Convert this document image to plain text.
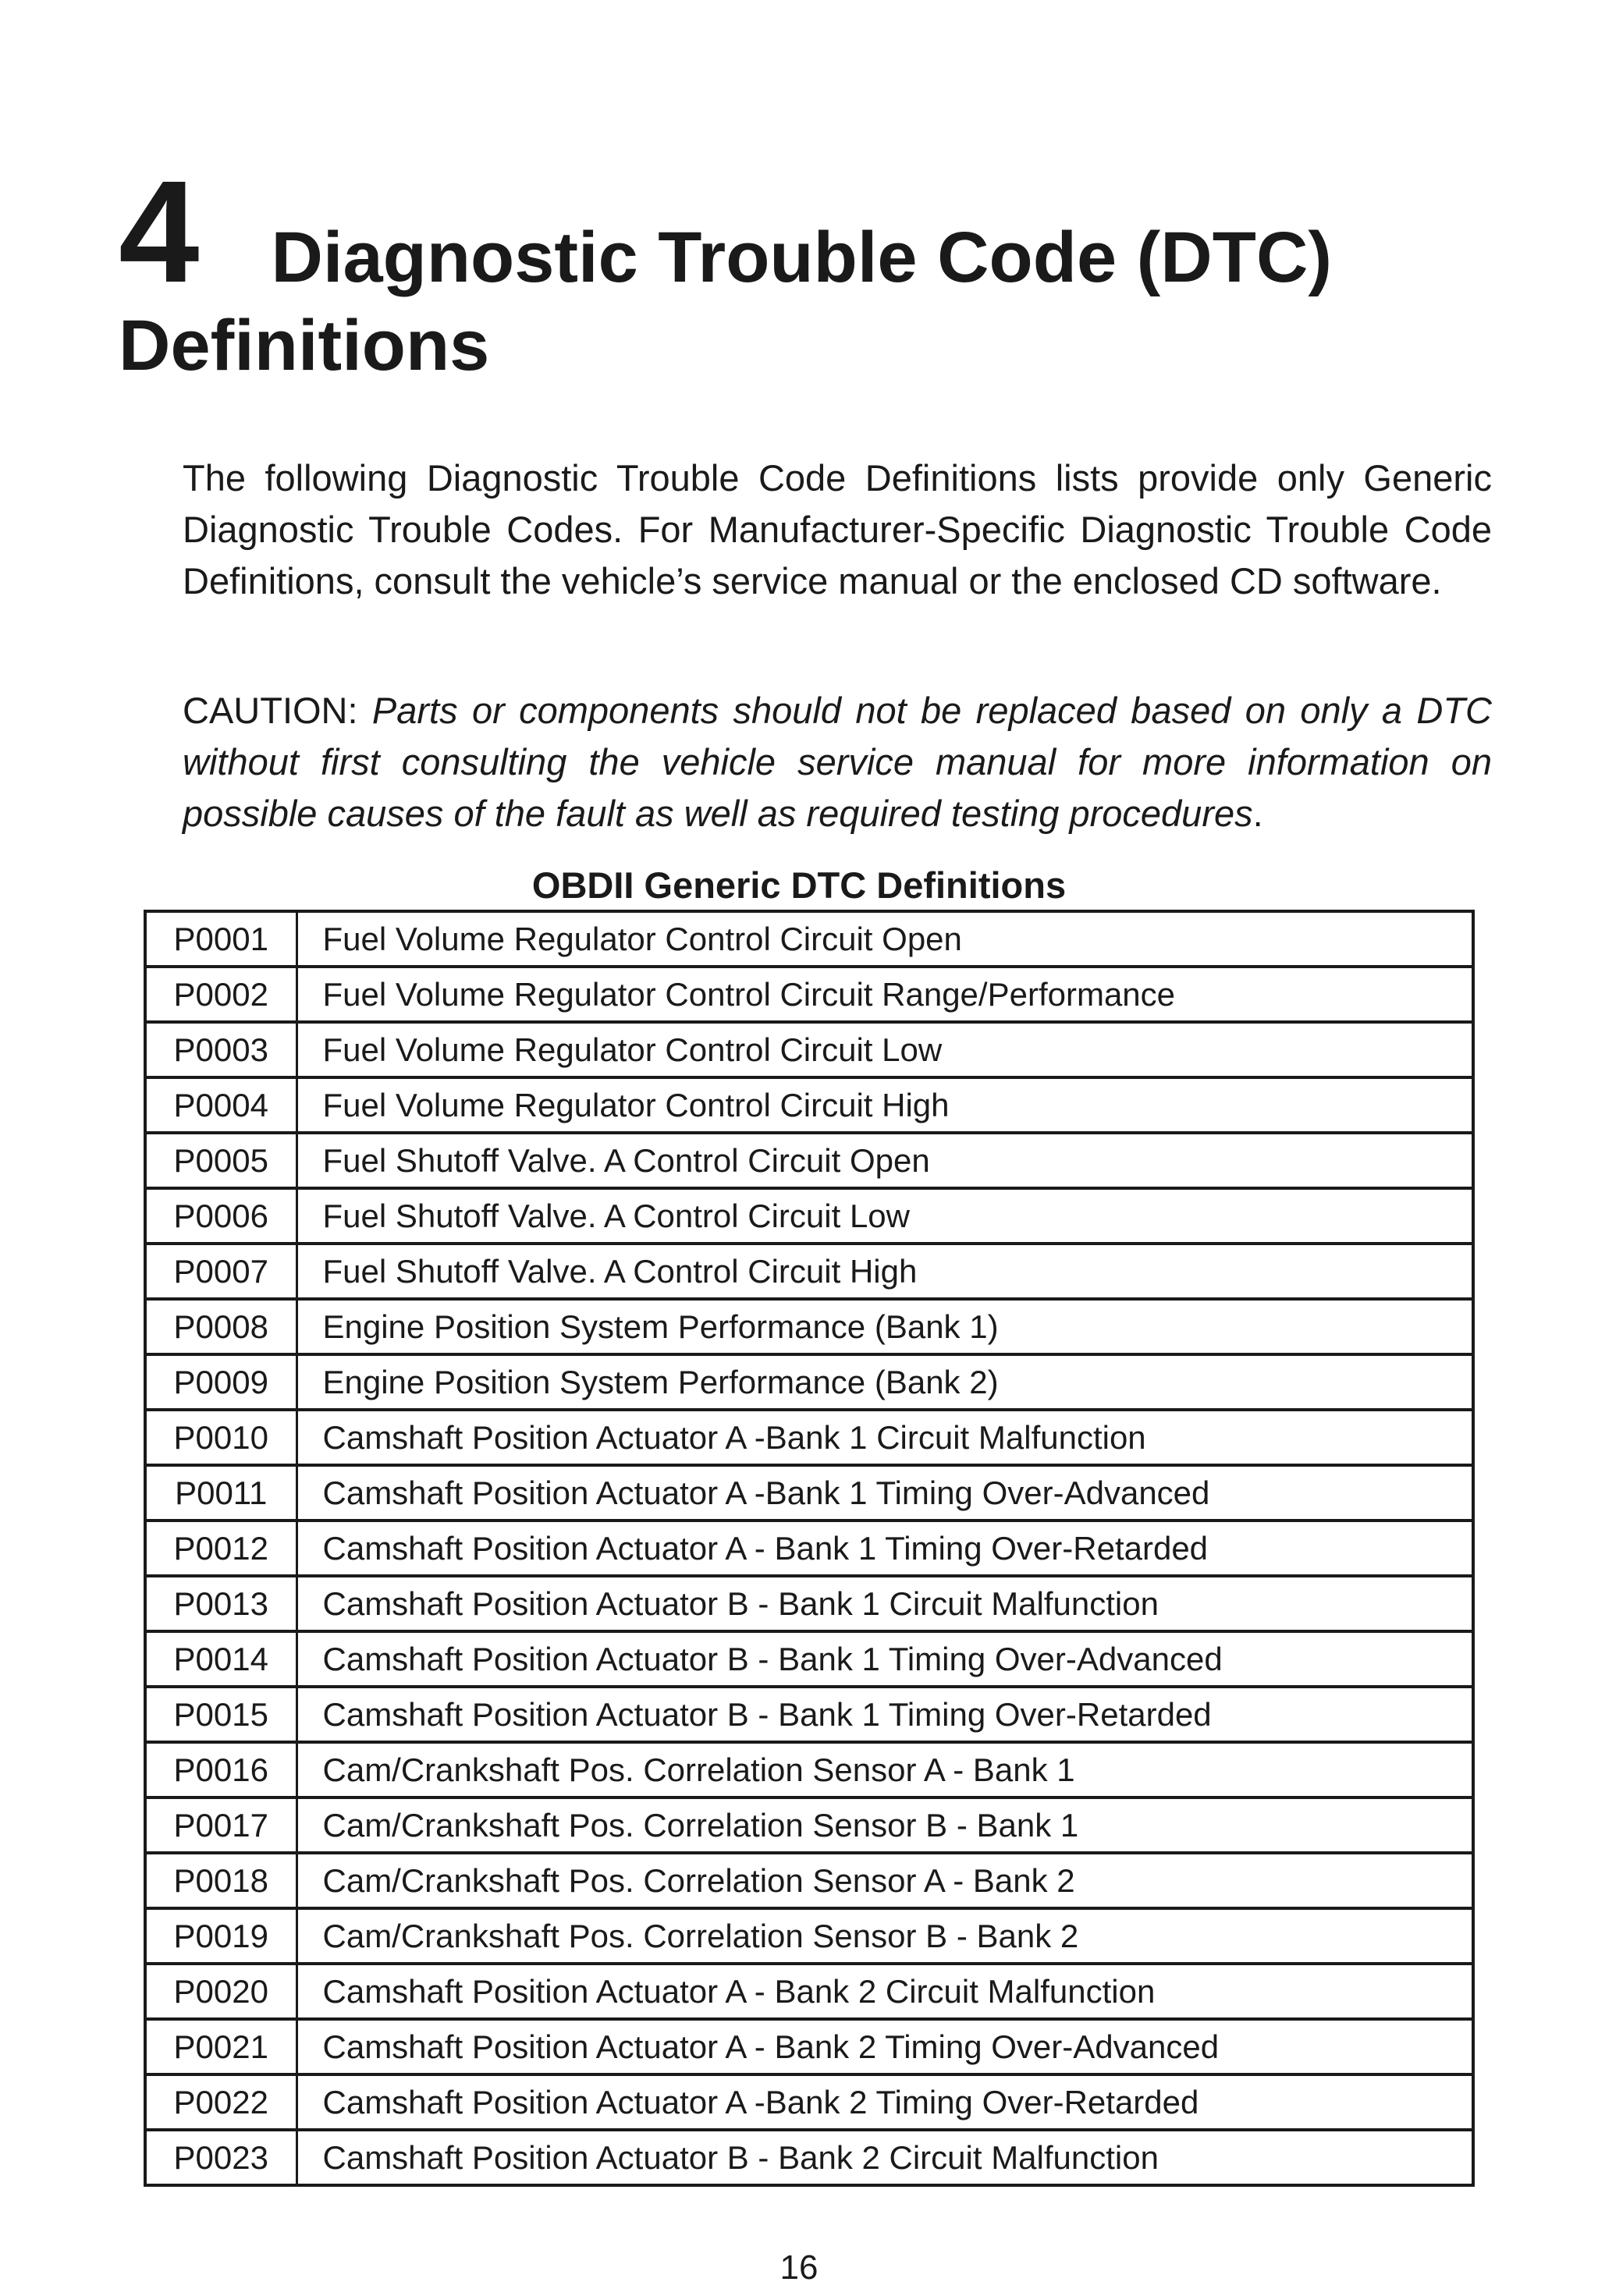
4 Diagnostic Trouble Code (DTC)
Definitions

The following Diagnostic Trouble Code Definitions lists provide only Generic Diagnostic Trouble Codes. For Manufacturer-Specific Diagnostic Trouble Code Definitions, consult the vehicle’s service manual or the enclosed CD software.

CAUTION: Parts or components should not be replaced based on only a DTC without first consulting the vehicle service manual for more information on possible causes of the fault as well as required testing procedures.

OBDII Generic DTC Definitions
P0001	Fuel Volume Regulator Control Circuit Open
P0002	Fuel Volume Regulator Control Circuit Range/Performance
P0003	Fuel Volume Regulator Control Circuit Low
P0004	Fuel Volume Regulator Control Circuit High
P0005	Fuel Shutoff Valve. A Control Circuit Open
P0006	Fuel Shutoff Valve. A Control Circuit Low
P0007	Fuel Shutoff Valve. A Control Circuit High
P0008	Engine Position System Performance (Bank 1)
P0009	Engine Position System Performance (Bank 2)
P0010	Camshaft Position Actuator A -Bank 1 Circuit Malfunction
P0011	Camshaft Position Actuator A -Bank 1 Timing Over-Advanced
P0012	Camshaft Position Actuator A - Bank 1 Timing Over-Retarded
P0013	Camshaft Position Actuator B - Bank 1 Circuit Malfunction
P0014	Camshaft Position Actuator B - Bank 1 Timing Over-Advanced
P0015	Camshaft Position Actuator B - Bank 1 Timing Over-Retarded
P0016	Cam/Crankshaft Pos. Correlation Sensor A - Bank 1
P0017	Cam/Crankshaft Pos. Correlation Sensor B - Bank 1
P0018	Cam/Crankshaft Pos. Correlation Sensor A - Bank 2
P0019	Cam/Crankshaft Pos. Correlation Sensor B - Bank 2
P0020	Camshaft Position Actuator A - Bank 2 Circuit Malfunction
P0021	Camshaft Position Actuator A - Bank 2 Timing Over-Advanced
P0022	Camshaft Position Actuator A -Bank 2 Timing Over-Retarded
P0023	Camshaft Position Actuator B - Bank 2 Circuit Malfunction
16
